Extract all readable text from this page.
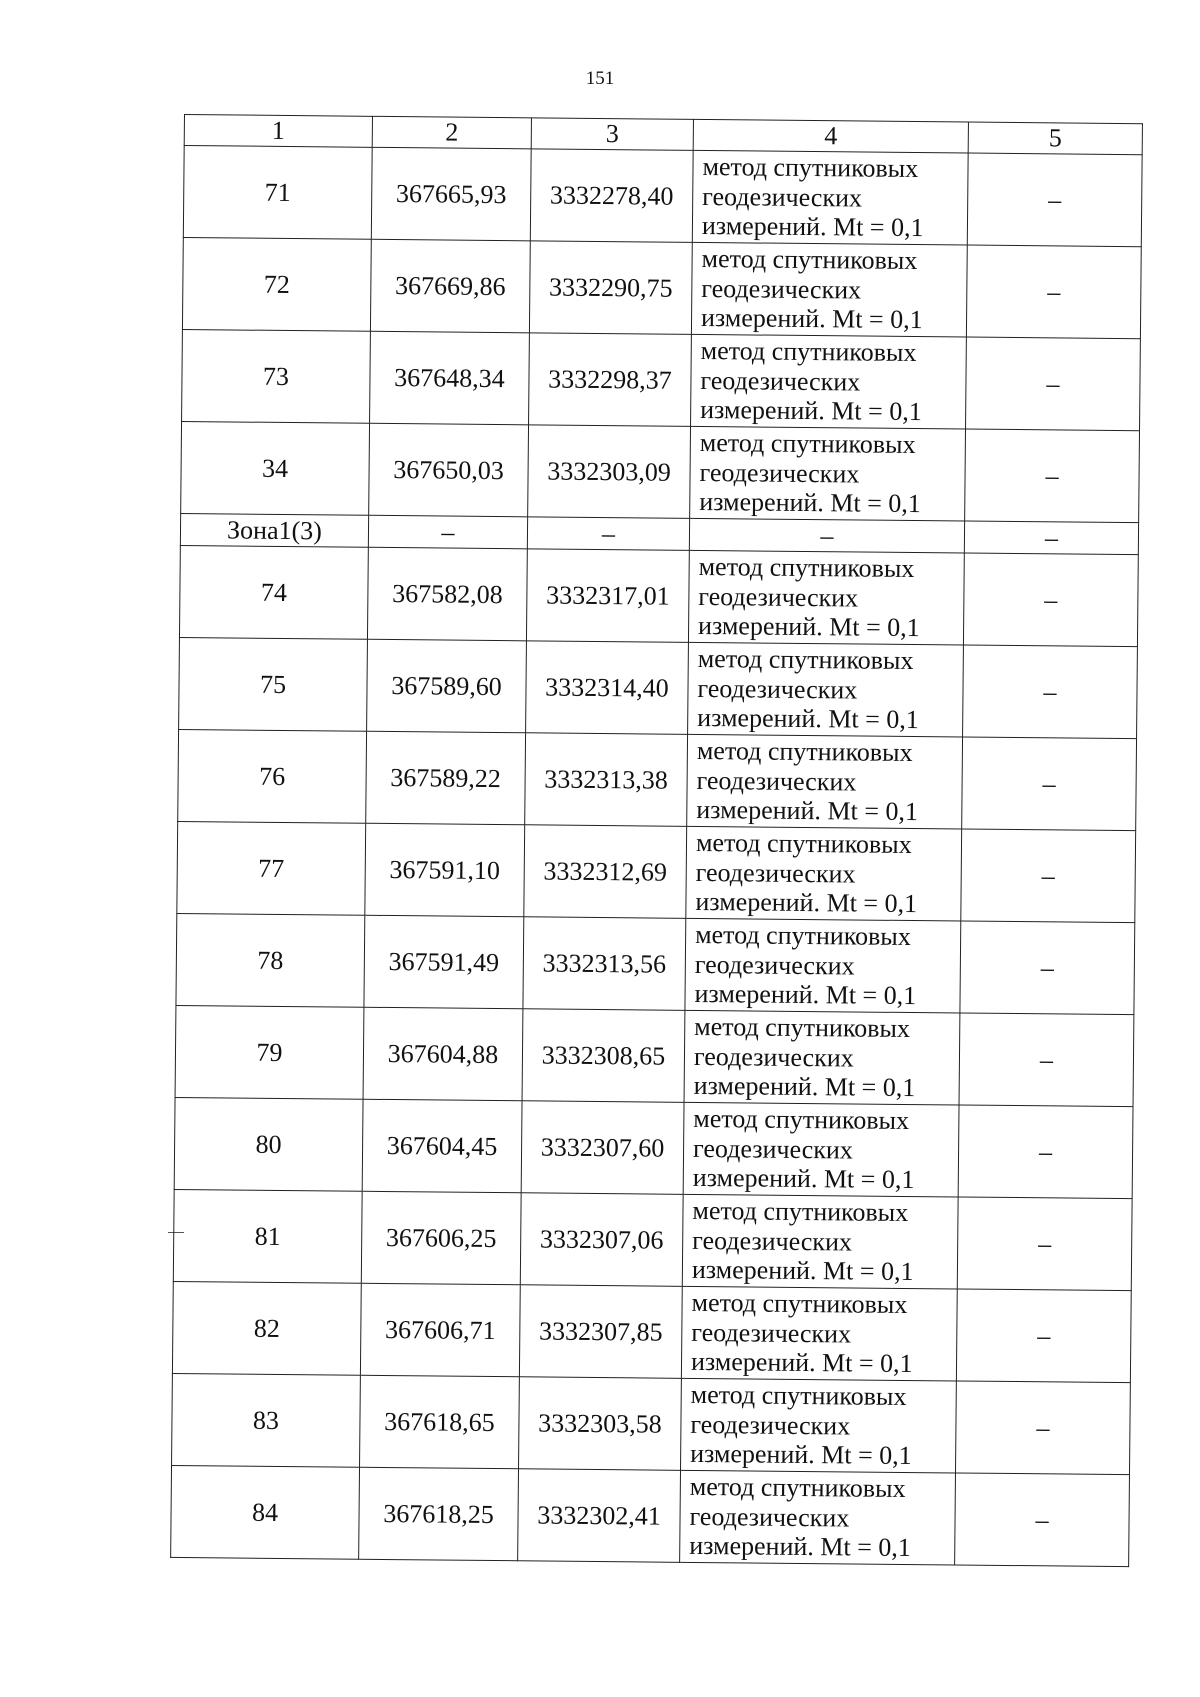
151
1	2	3	4	5
71	367665,93	3332278,40	метод спутниковых
геодезических
измерений. Mt = 0,1	–
72	367669,86	3332290,75	метод спутниковых
геодезических
измерений. Mt = 0,1	–
73	367648,34	3332298,37	метод спутниковых
геодезических
измерений. Mt = 0,1	–
34	367650,03	3332303,09	метод спутниковых
геодезических
измерений. Mt = 0,1	–
Зона1(3)	–	–	–	–
74	367582,08	3332317,01	метод спутниковых
геодезических
измерений. Mt = 0,1	–
75	367589,60	3332314,40	метод спутниковых
геодезических
измерений. Mt = 0,1	–
76	367589,22	3332313,38	метод спутниковых
геодезических
измерений. Mt = 0,1	–
77	367591,10	3332312,69	метод спутниковых
геодезических
измерений. Mt = 0,1	–
78	367591,49	3332313,56	метод спутниковых
геодезических
измерений. Mt = 0,1	–
79	367604,88	3332308,65	метод спутниковых
геодезических
измерений. Mt = 0,1	–
80	367604,45	3332307,60	метод спутниковых
геодезических
измерений. Mt = 0,1	–
81	367606,25	3332307,06	метод спутниковых
геодезических
измерений. Mt = 0,1	–
82	367606,71	3332307,85	метод спутниковых
геодезических
измерений. Mt = 0,1	–
83	367618,65	3332303,58	метод спутниковых
геодезических
измерений. Mt = 0,1	–
84	367618,25	3332302,41	метод спутниковых
геодезических
измерений. Mt = 0,1	–
